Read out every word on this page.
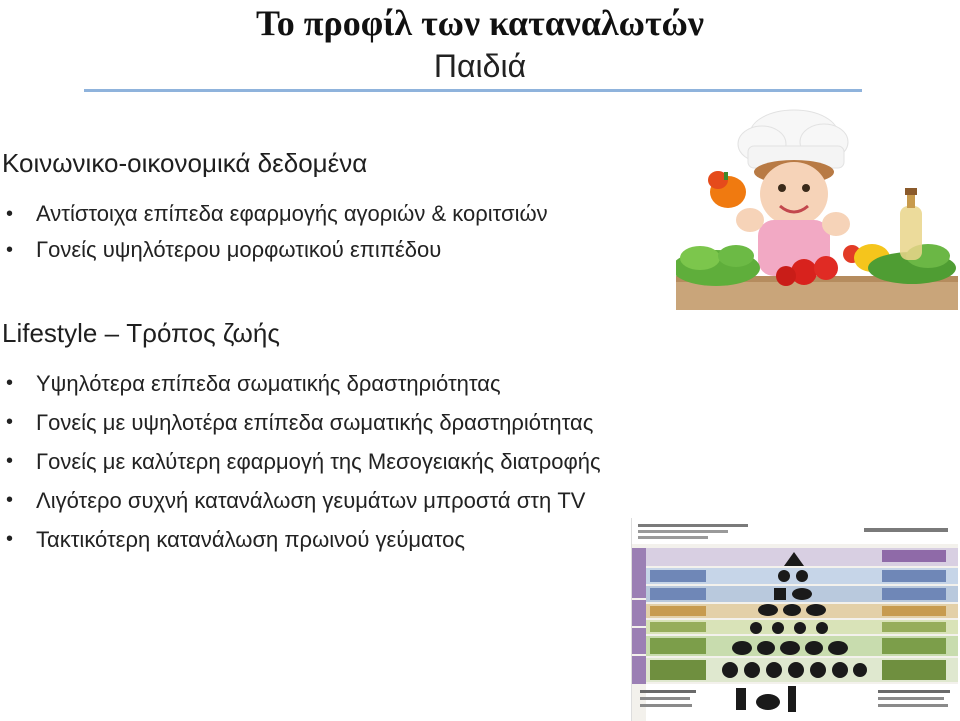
Το προφίλ των καταναλωτών
Παιδιά
Κοινωνικο-οικονομικά δεδομένα
• Αντίστοιχα επίπεδα εφαρμογής αγοριών & κοριτσιών
• Γονείς υψηλότερου μορφωτικού επιπέδου
Lifestyle – Τρόπος ζωής
• Υψηλότερα επίπεδα σωματικής δραστηριότητας
• Γονείς με υψηλοτέρα επίπεδα σωματικής δραστηριότητας
• Γονείς με καλύτερη εφαρμογή της Μεσογειακής διατροφής
• Λιγότερο συχνή κατανάλωση γευμάτων μπροστά στη TV
• Τακτικότερη κατανάλωση πρωινού γεύματος
